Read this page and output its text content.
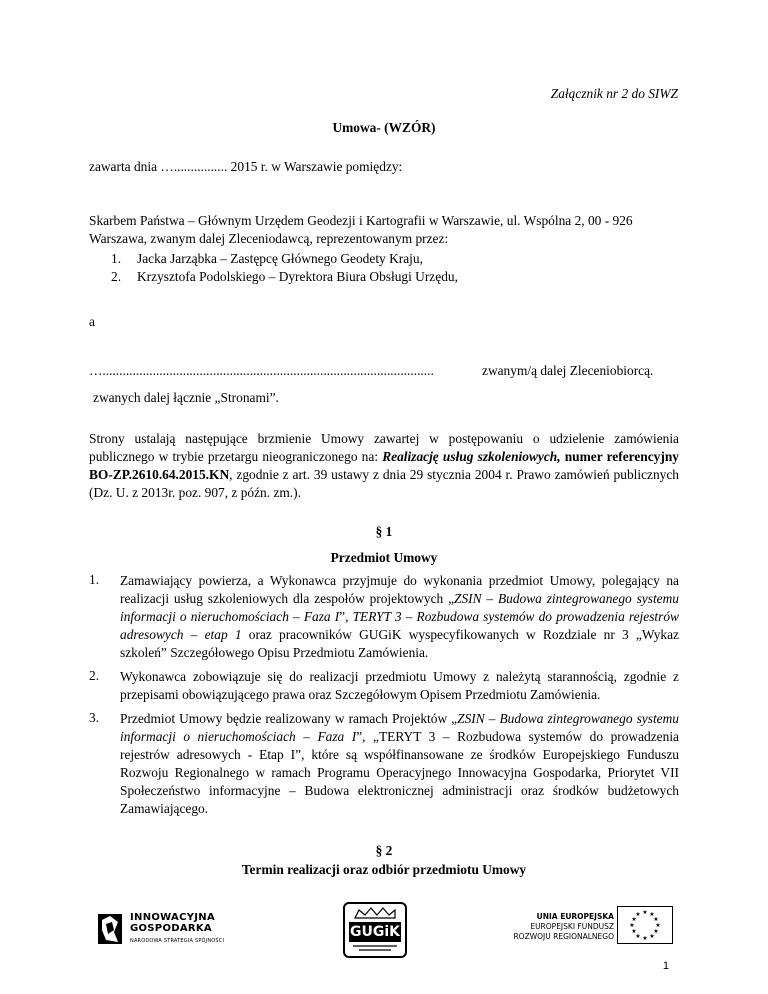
Załącznik nr 2 do SIWZ
Umowa- (WZÓR)
zawarta dnia …................ 2015 r. w Warszawie pomiędzy:
Skarbem Państwa – Głównym Urzędem Geodezji i Kartografii w Warszawie, ul. Wspólna 2, 00 - 926
Warszawa, zwanym dalej Zleceniodawcą, reprezentowanym przez:
1. Jacka Jarząbka – Zastępcę Głównego Geodety Kraju,
2. Krzysztofa Podolskiego – Dyrektora Biura Obsługi Urzędu,
a
…...................................................................................................	zwanym/ą dalej Zleceniobiorcą.
zwanych dalej łącznie „Stronami”.
Strony ustalają następujące brzmienie Umowy zawartej w postępowaniu o udzielenie zamówienia publicznego w trybie przetargu nieograniczonego na: Realizację usług szkoleniowych, numer referencyjny BO-ZP.2610.64.2015.KN, zgodnie z art. 39 ustawy z dnia 29 stycznia 2004 r. Prawo zamówień publicznych (Dz. U. z 2013r. poz. 907, z późn. zm.).
§ 1
Przedmiot Umowy
1. Zamawiający powierza, a Wykonawca przyjmuje do wykonania przedmiot Umowy, polegający na realizacji usług szkoleniowych dla zespołów projektowych „ZSIN – Budowa zintegrowanego systemu informacji o nieruchomościach – Faza I”, TERYT 3 – Rozbudowa systemów do prowadzenia rejestrów adresowych – etap 1 oraz pracowników GUGiK wyspecyfikowanych w Rozdziale nr 3 „Wykaz szkoleń” Szczegółowego Opisu Przedmiotu Zamówienia.
2. Wykonawca zobowiązuje się do realizacji przedmiotu Umowy z należytą starannością, zgodnie z przepisami obowiązującego prawa oraz Szczegółowym Opisem Przedmiotu Zamówienia.
3. Przedmiot Umowy będzie realizowany w ramach Projektów „ZSIN – Budowa zintegrowanego systemu informacji o nieruchomościach – Faza I”, „TERYT 3 – Rozbudowa systemów do prowadzenia rejestrów adresowych - Etap I”, które są współfinansowane ze środków Europejskiego Funduszu Rozwoju Regionalnego w ramach Programu Operacyjnego Innowacyjna Gospodarka, Priorytet VII Społeczeństwo informacyjne – Budowa elektronicznej administracji oraz środków budżetowych Zamawiającego.
§ 2
Termin realizacji oraz odbiór przedmiotu Umowy
INNOWACYJNA
GOSPODARKA
NARODOWA STRATEGIA SPÓJNOŚCI
GUGiK
UNIA EUROPEJSKA
EUROPEJSKI FUNDUSZ
ROZWOJU REGIONALNEGO
★ ★
★
★
★
★
★
★
★
★
★
★
1
